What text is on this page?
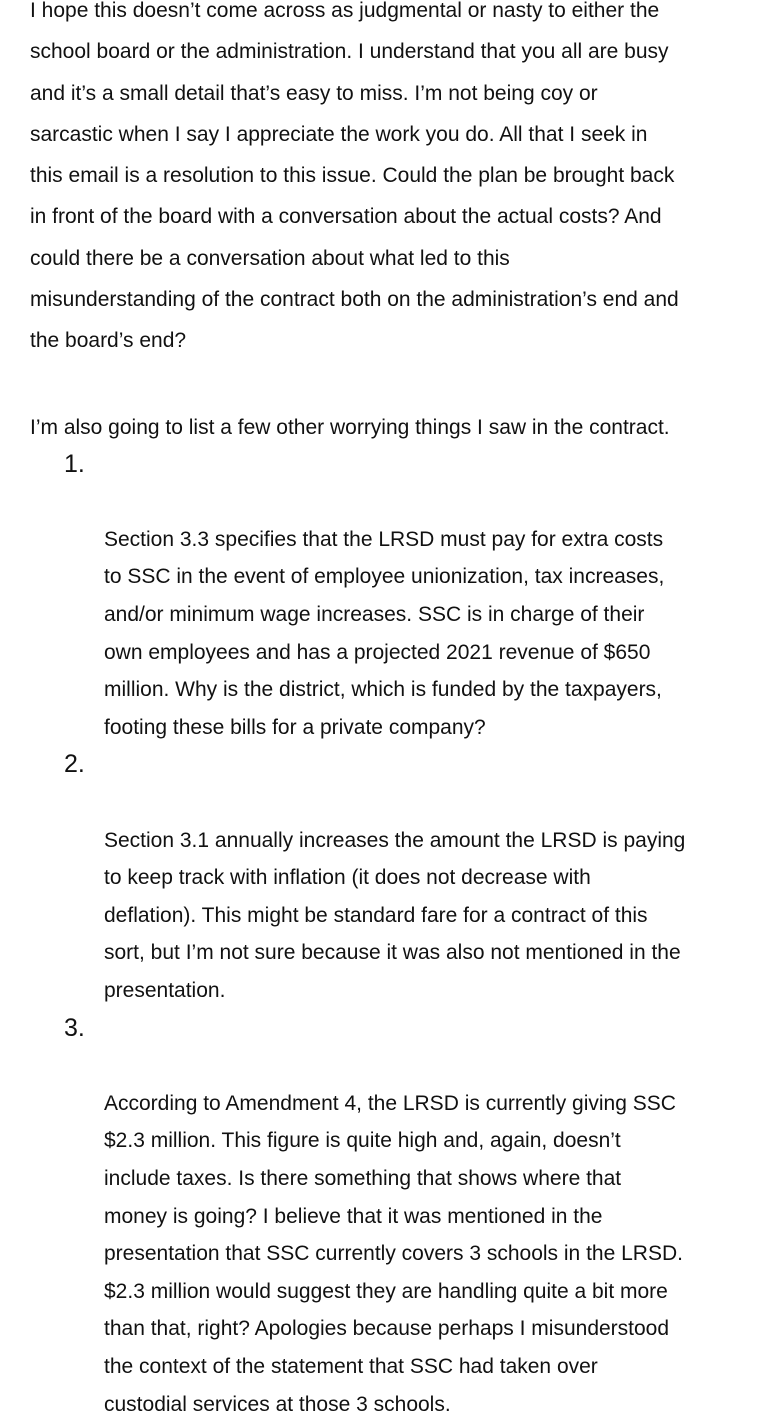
I hope this doesn’t come across as judgmental or nasty to either the
school board or the administration. I understand that you all are busy
and it’s a small detail that’s easy to miss. I’m not being coy or
sarcastic when I say I appreciate the work you do. All that I seek in
this email is a resolution to this issue. Could the plan be brought back
in front of the board with a conversation about the actual costs? And
could there be a conversation about what led to this
misunderstanding of the contract both on the administration’s end and
the board’s end?

I’m also going to list a few other worrying things I saw in the contract.

1.

Section 3.3 specifies that the LRSD must pay for extra costs
to SSC in the event of employee unionization, tax increases,
and/or minimum wage increases. SSC is in charge of their
own employees and has a projected 2021 revenue of $650
million. Why is the district, which is funded by the taxpayers,
footing these bills for a private company?

2.

Section 3.1 annually increases the amount the LRSD is paying
to keep track with inflation (it does not decrease with
deflation). This might be standard fare for a contract of this
sort, but I’m not sure because it was also not mentioned in the
presentation.

3.

According to Amendment 4, the LRSD is currently giving SSC
$2.3 million. This figure is quite high and, again, doesn’t
include taxes. Is there something that shows where that
money is going? I believe that it was mentioned in the
presentation that SSC currently covers 3 schools in the LRSD.
$2.3 million would suggest they are handling quite a bit more
than that, right? Apologies because perhaps I misunderstood
the context of the statement that SSC had taken over
custodial services at those 3 schools.
